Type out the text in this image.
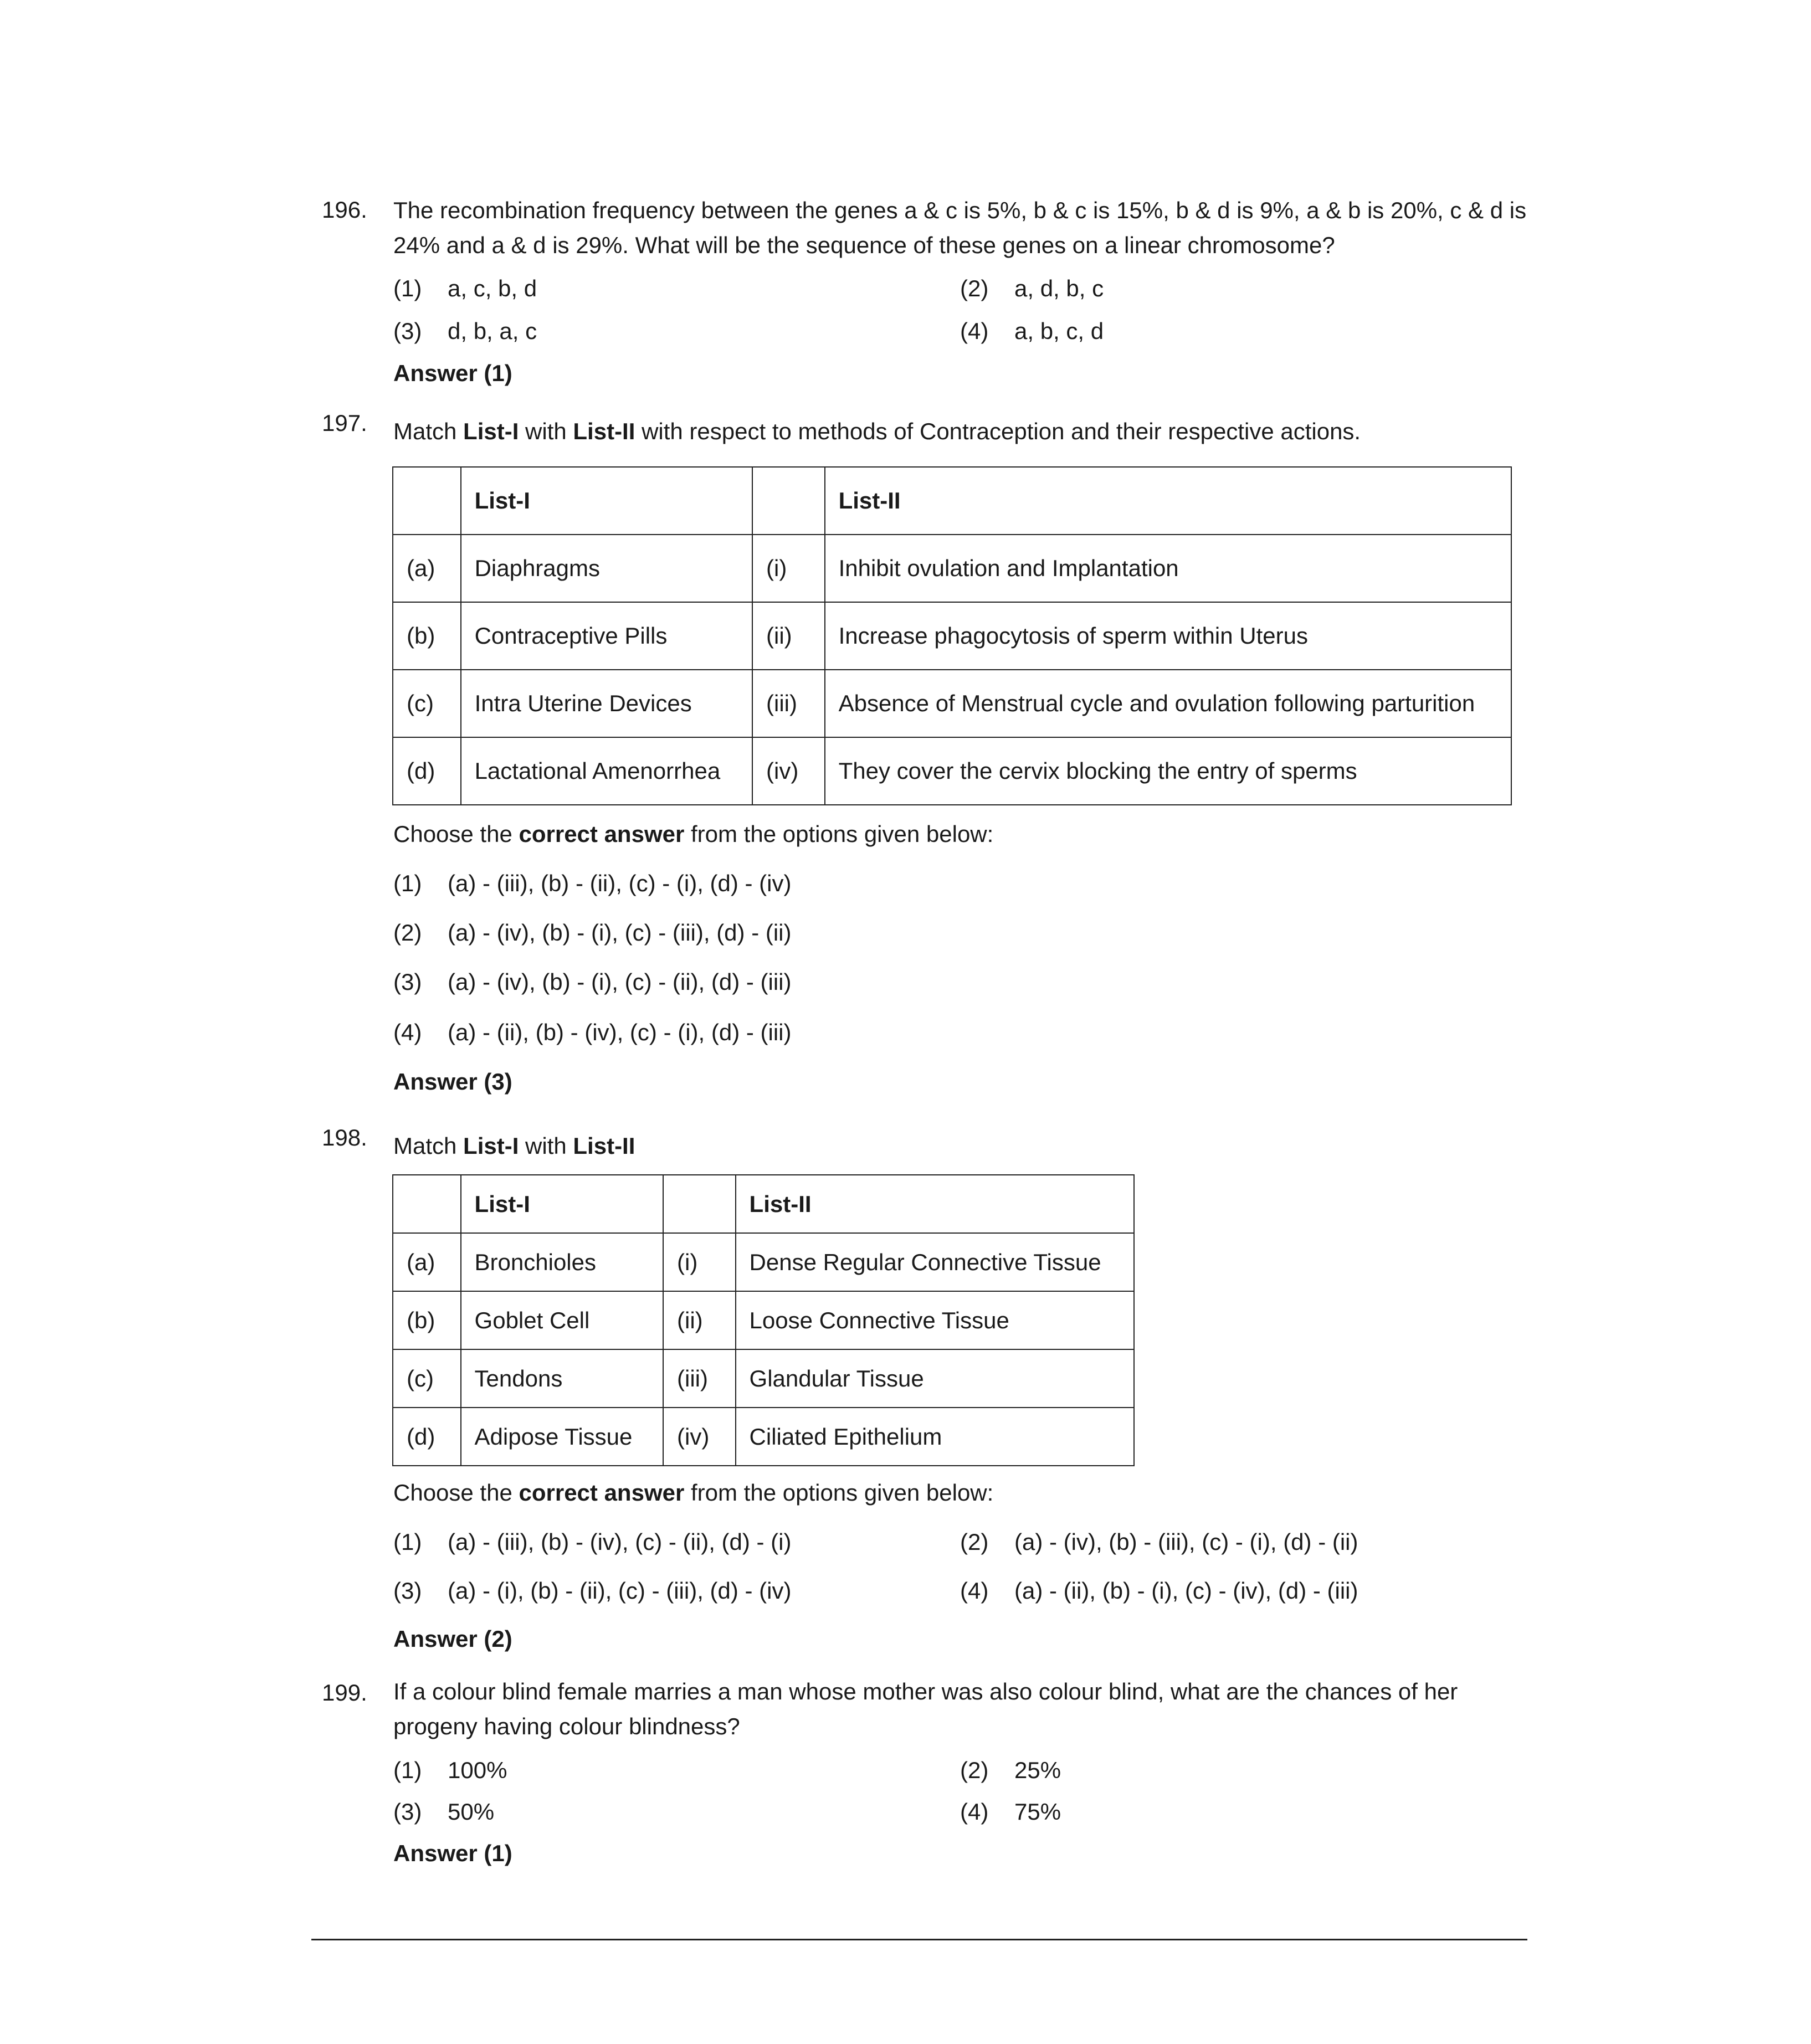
196. The recombination frequency between the genes a & c is 5%, b & c is 15%, b & d is 9%, a & b is 20%, c & d is 24% and a & d is 29%. What will be the sequence of these genes on a linear chromosome?
(1) a, c, b, d	(2) a, d, b, c
(3) d, b, a, c	(4) a, b, c, d
Answer (1)
197. Match List-I with List-II with respect to methods of Contraception and their respective actions.
	List-I		List-II
(a)	Diaphragms	(i)	Inhibit ovulation and Implantation
(b)	Contraceptive Pills	(ii)	Increase phagocytosis of sperm within Uterus
(c)	Intra Uterine Devices	(iii)	Absence of Menstrual cycle and ovulation following parturition
(d)	Lactational Amenorrhea	(iv)	They cover the cervix blocking the entry of sperms
Choose the correct answer from the options given below:
(1) (a) - (iii), (b) - (ii), (c) - (i), (d) - (iv)
(2) (a) - (iv), (b) - (i), (c) - (iii), (d) - (ii)
(3) (a) - (iv), (b) - (i), (c) - (ii), (d) - (iii)
(4) (a) - (ii), (b) - (iv), (c) - (i), (d) - (iii)
Answer (3)
198. Match List-I with List-II
	List-I		List-II
(a)	Bronchioles	(i)	Dense Regular Connective Tissue
(b)	Goblet Cell	(ii)	Loose Connective Tissue
(c)	Tendons	(iii)	Glandular Tissue
(d)	Adipose Tissue	(iv)	Ciliated Epithelium
Choose the correct answer from the options given below:
(1) (a) - (iii), (b) - (iv), (c) - (ii), (d) - (i)	(2) (a) - (iv), (b) - (iii), (c) - (i), (d) - (ii)
(3) (a) - (i), (b) - (ii), (c) - (iii), (d) - (iv)	(4) (a) - (ii), (b) - (i), (c) - (iv), (d) - (iii)
Answer (2)
199. If a colour blind female marries a man whose mother was also colour blind, what are the chances of her progeny having colour blindness?
(1) 100%	(2) 25%
(3) 50%	(4) 75%
Answer (1)
